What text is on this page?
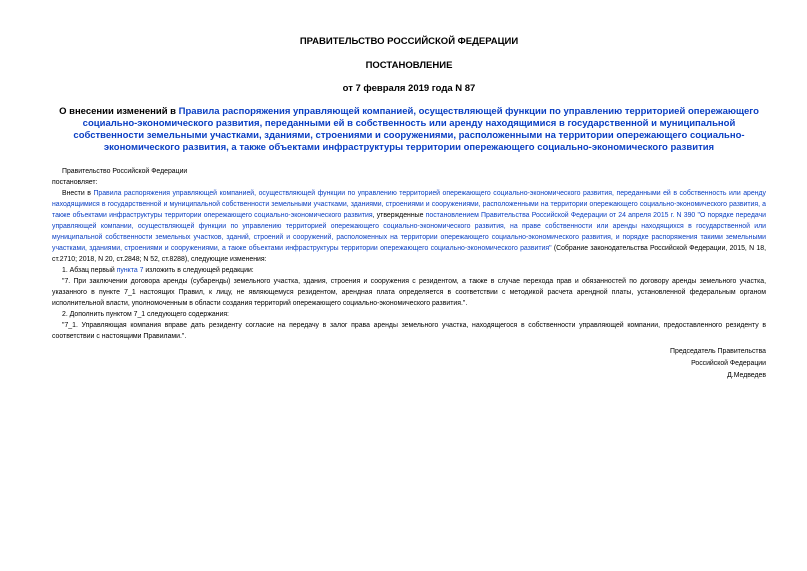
ПРАВИТЕЛЬСТВО РОССИЙСКОЙ ФЕДЕРАЦИИ
ПОСТАНОВЛЕНИЕ
от 7 февраля 2019 года N 87
О внесении изменений в Правила распоряжения управляющей компанией, осуществляющей функции по управлению территорией опережающего социально-экономического развития, переданными ей в собственность или аренду находящимися в государственной и муниципальной собственности земельными участками, зданиями, строениями и сооружениями, расположенными на территории опережающего социально-экономического развития, а также объектами инфраструктуры территории опережающего социально-экономического развития

Правительство Российской Федерации

постановляет:

Внести в Правила распоряжения управляющей компанией, осуществляющей функции по управлению территорией опережающего социально-экономического развития, переданными ей в собственность или аренду находящимися в государственной и муниципальной собственности земельными участками, зданиями, строениями и сооружениями, расположенными на территории опережающего социально-экономического развития, а также объектами инфраструктуры территории опережающего социально-экономического развития, утвержденные постановлением Правительства Российской Федерации от 24 апреля 2015 г. N 390 "О порядке передачи управляющей компании, осуществляющей функции по управлению территорией опережающего социально-экономического развития, на праве собственности или аренды находящихся в государственной или муниципальной собственности земельных участков, зданий, строений и сооружений, расположенных на территории опережающего социально-экономического развития, и порядке распоряжения такими земельными участками, зданиями, строениями и сооружениями, а также объектами инфраструктуры территории опережающего социально-экономического развития" (Собрание законодательства Российской Федерации, 2015, N 18, ст.2710; 2018, N 20, ст.2848; N 52, ст.8288), следующие изменения:

1. Абзац первый пункта 7 изложить в следующей редакции:

"7. При заключении договора аренды (субаренды) земельного участка, здания, строения и сооружения с резидентом, а также в случае перехода прав и обязанностей по договору аренды земельного участка, указанного в пункте 7_1 настоящих Правил, к лицу, не являющемуся резидентом, арендная плата определяется в соответствии с методикой расчета арендной платы, установленной федеральным органом исполнительной власти, уполномоченным в области создания территорий опережающего социально-экономического развития.".

2. Дополнить пунктом 7_1 следующего содержания:

"7_1. Управляющая компания вправе дать резиденту согласие на передачу в залог права аренды земельного участка, находящегося в собственности управляющей компании, предоставленного резиденту в соответствии с настоящими Правилами.".

Председатель Правительства
Российской Федерации
Д.Медведев
